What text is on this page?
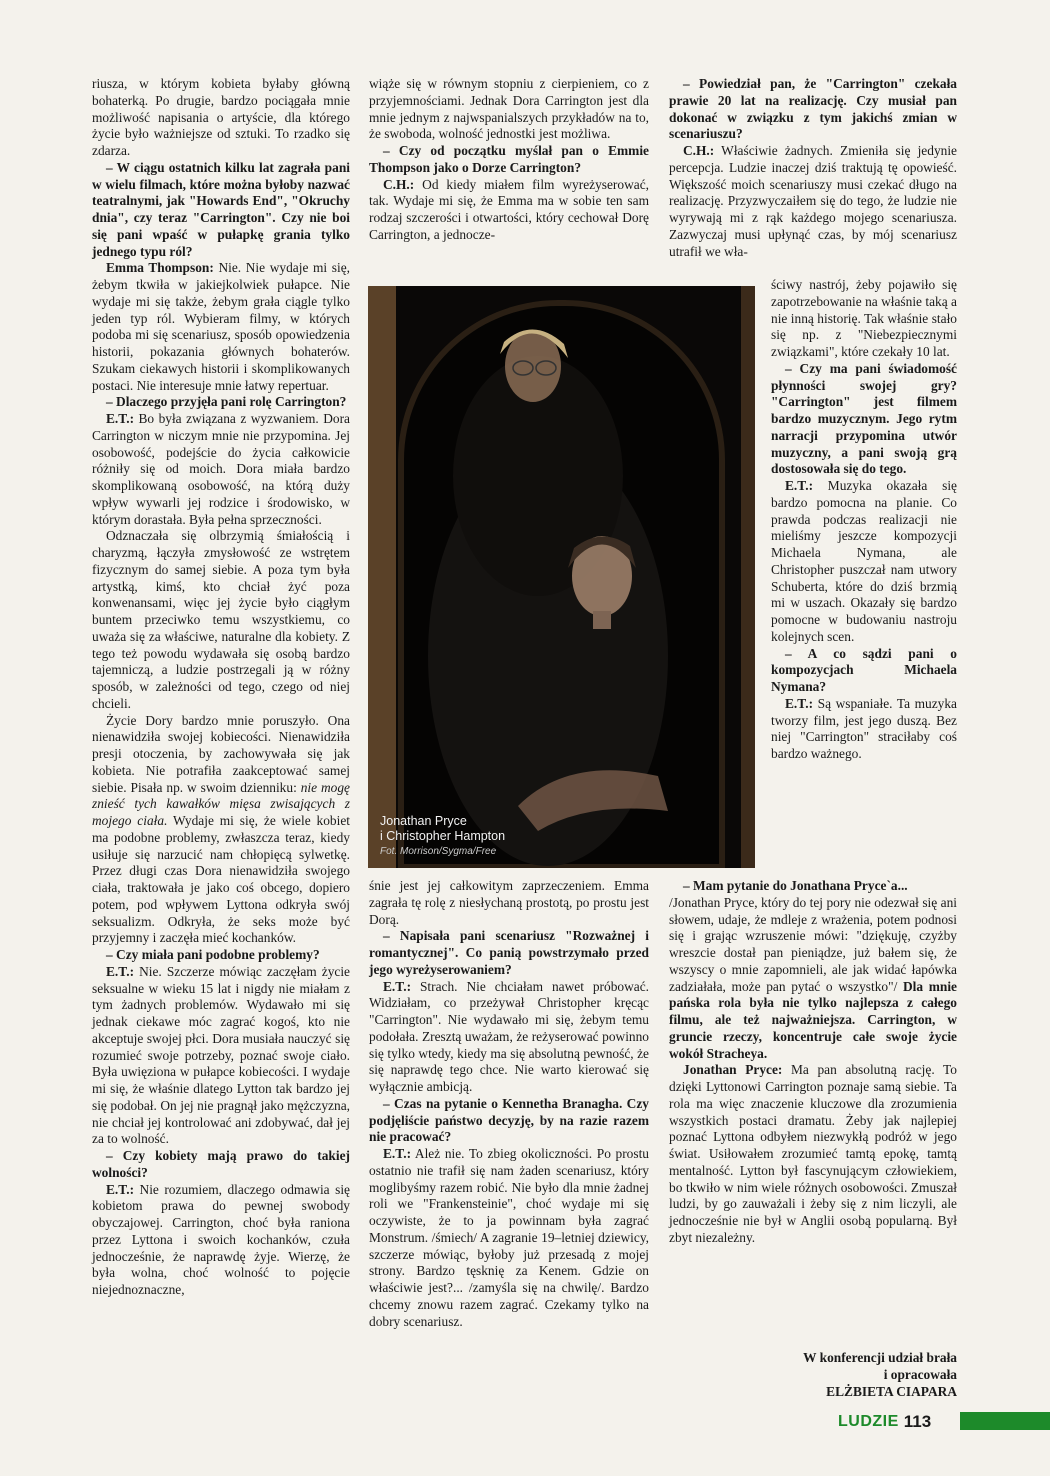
riusza, w którym kobieta byłaby główną bohaterką. Po drugie, bardzo pociągała mnie możliwość napisania o artyście, dla którego życie było ważniejsze od sztuki. To rzadko się zdarza.

– W ciągu ostatnich kilku lat zagrała pani w wielu filmach, które można byłoby nazwać teatralnymi, jak "Howards End", "Okruchy dnia", czy teraz "Carrington". Czy nie boi się pani wpaść w pułapkę grania tylko jednego typu ról?

Emma Thompson: Nie. Nie wydaje mi się, żebym tkwiła w jakiejkolwiek pułapce. Nie wydaje mi się także, żebym grała ciągle tylko jeden typ ról. Wybieram filmy, w których podoba mi się scenariusz, sposób opowiedzenia historii, pokazania głównych bohaterów. Szukam ciekawych historii i skomplikowanych postaci. Nie interesuje mnie łatwy repertuar.

– Dlaczego przyjęła pani rolę Carrington?

E.T.: Bo była związana z wyzwaniem. Dora Carrington w niczym mnie nie przypomina. Jej osobowość, podejście do życia całkowicie różniły się od moich. Dora miała bardzo skomplikowaną osobowość, na którą duży wpływ wywarli jej rodzice i środowisko, w którym dorastała. Była pełna sprzeczności.

Odznaczała się olbrzymią śmiałością i charyzmą, łączyła zmysłowość ze wstrętem fizycznym do samej siebie. A poza tym była artystką, kimś, kto chciał żyć poza konwenansami, więc jej życie było ciągłym buntem przeciwko temu wszystkiemu, co uważa się za właściwe, naturalne dla kobiety. Z tego też powodu wydawała się osobą bardzo tajemniczą, a ludzie postrzegali ją w różny sposób, w zależności od tego, czego od niej chcieli.

Życie Dory bardzo mnie poruszyło. Ona nienawidziła swojej kobiecości. Nienawidziła presji otoczenia, by zachowywała się jak kobieta. Nie potrafiła zaakceptować samej siebie. Pisała np. w swoim dzienniku: nie mogę znieść tych kawałków mięsa zwisających z mojego ciała. Wydaje mi się, że wiele kobiet ma podobne problemy, zwłaszcza teraz, kiedy usiłuje się narzucić nam chłopięcą sylwetkę. Przez długi czas Dora nienawidziła swojego ciała, traktowała je jako coś obcego, dopiero potem, pod wpływem Lyttona odkryła swój seksualizm. Odkryła, że seks może być przyjemny i zaczęła mieć kochanków.

– Czy miała pani podobne problemy?

E.T.: Nie. Szczerze mówiąc zaczęłam życie seksualne w wieku 15 lat i nigdy nie miałam z tym żadnych problemów. Wydawało mi się jednak ciekawe móc zagrać kogoś, kto nie akceptuje swojej płci. Dora musiała nauczyć się rozumieć swoje potrzeby, poznać swoje ciało. Była uwięziona w pułapce kobiecości. I wydaje mi się, że właśnie dlatego Lytton tak bardzo jej się podobał. On jej nie pragnął jako mężczyzna, nie chciał jej kontrolować ani zdobywać, dał jej za to wolność.

– Czy kobiety mają prawo do takiej wolności?

E.T.: Nie rozumiem, dlaczego odmawia się kobietom prawa do pewnej swobody obyczajowej. Carrington, choć była raniona przez Lyttona i swoich kochanków, czuła jednocześnie, że naprawdę żyje. Wierzę, że była wolna, choć wolność to pojęcie niejednoznaczne,

wiąże się w równym stopniu z cierpieniem, co z przyjemnościami. Jednak Dora Carrington jest dla mnie jednym z najwspanialszych przykładów na to, że swoboda, wolność jednostki jest możliwa.

– Czy od początku myślał pan o Emmie Thompson jako o Dorze Carrington?

C.H.: Od kiedy miałem film wyreżyserować, tak. Wydaje mi się, że Emma ma w sobie ten sam rodzaj szczerości i otwartości, który cechował Dorę Carrington, a jednocze-

– Powiedział pan, że "Carrington" czekała prawie 20 lat na realizację. Czy musiał pan dokonać w związku z tym jakichś zmian w scenariuszu?

C.H.: Właściwie żadnych. Zmieniła się jedynie percepcja. Ludzie inaczej dziś traktują tę opowieść. Większość moich scenariuszy musi czekać długo na realizację. Przyzwyczaiłem się do tego, że ludzie nie wyrywają mi z rąk każdego mojego scenariusza. Zazwyczaj musi upłynąć czas, by mój scenariusz utrafił we wła-

Jonathan Pryce
i Christopher Hampton
Fot. Morrison/Sygma/Free

ściwy nastrój, żeby pojawiło się zapotrzebowanie na właśnie taką a nie inną historię. Tak właśnie stało się np. z "Niebezpiecznymi związkami", które czekały 10 lat.

– Czy ma pani świadomość płynności swojej gry? "Carrington" jest filmem bardzo muzycznym. Jego rytm narracji przypomina utwór muzyczny, a pani swoją grą dostosowała się do tego.

E.T.: Muzyka okazała się bardzo pomocna na planie. Co prawda podczas realizacji nie mieliśmy jeszcze kompozycji Michaela Nymana, ale Christopher puszczał nam utwory Schuberta, które do dziś brzmią mi w uszach. Okazały się bardzo pomocne w budowaniu nastroju kolejnych scen.

– A co sądzi pani o kompozycjach Michaela Nymana?

E.T.: Są wspaniałe. Ta muzyka tworzy film, jest jego duszą. Bez niej "Carrington" straciłaby coś bardzo ważnego.

śnie jest jej całkowitym zaprzeczeniem. Emma zagrała tę rolę z niesłychaną prostotą, po prostu jest Dorą.

– Napisała pani scenariusz "Rozważnej i romantycznej". Co panią powstrzymało przed jego wyreżyserowaniem?

E.T.: Strach. Nie chciałam nawet próbować. Widziałam, co przeżywał Christopher kręcąc "Carrington". Nie wydawało mi się, żebym temu podołała. Zresztą uważam, że reżyserować powinno się tylko wtedy, kiedy ma się absolutną pewność, że się naprawdę tego chce. Nie warto kierować się wyłącznie ambicją.

– Czas na pytanie o Kennetha Branagha. Czy podjęliście państwo decyzję, by na razie razem nie pracować?

E.T.: Ależ nie. To zbieg okoliczności. Po prostu ostatnio nie trafił się nam żaden scenariusz, który moglibyśmy razem robić. Nie było dla mnie żadnej roli we "Frankensteinie", choć wydaje mi się oczywiste, że to ja powinnam była zagrać Monstrum. /śmiech/ A zagranie 19–letniej dziewicy, szczerze mówiąc, byłoby już przesadą z mojej strony. Bardzo tęsknię za Kenem. Gdzie on właściwie jest?... /zamyśla się na chwilę/. Bardzo chcemy znowu razem zagrać. Czekamy tylko na dobry scenariusz.

– Mam pytanie do Jonathana Pryce`a...

/Jonathan Pryce, który do tej pory nie odezwał się ani słowem, udaje, że mdleje z wrażenia, potem podnosi się i grając wzruszenie mówi: "dziękuję, czyżby wreszcie dostał pan pieniądze, już bałem się, że wszyscy o mnie zapomnieli, ale jak widać łapówka zadziałała, może pan pytać o wszystko"/ Dla mnie pańska rola była nie tylko najlepsza z całego filmu, ale też najważniejsza. Carrington, w gruncie rzeczy, koncentruje całe swoje życie wokół Stracheya.

Jonathan Pryce: Ma pan absolutną rację. To dzięki Lyttonowi Carrington poznaje samą siebie. Ta rola ma więc znaczenie kluczowe dla zrozumienia wszystkich postaci dramatu. Żeby jak najlepiej poznać Lyttona odbyłem niezwykłą podróż w jego świat. Usiłowałem zrozumieć tamtą epokę, tamtą mentalność. Lytton był fascynującym człowiekiem, bo tkwiło w nim wiele różnych osobowości. Zmuszał ludzi, by go zauważali i żeby się z nim liczyli, ale jednocześnie nie był w Anglii osobą popularną. Był zbyt niezależny.

W konferencji udział brała

i opracowała

ELŻBIETA CIAPARA

LUDZIE 113
